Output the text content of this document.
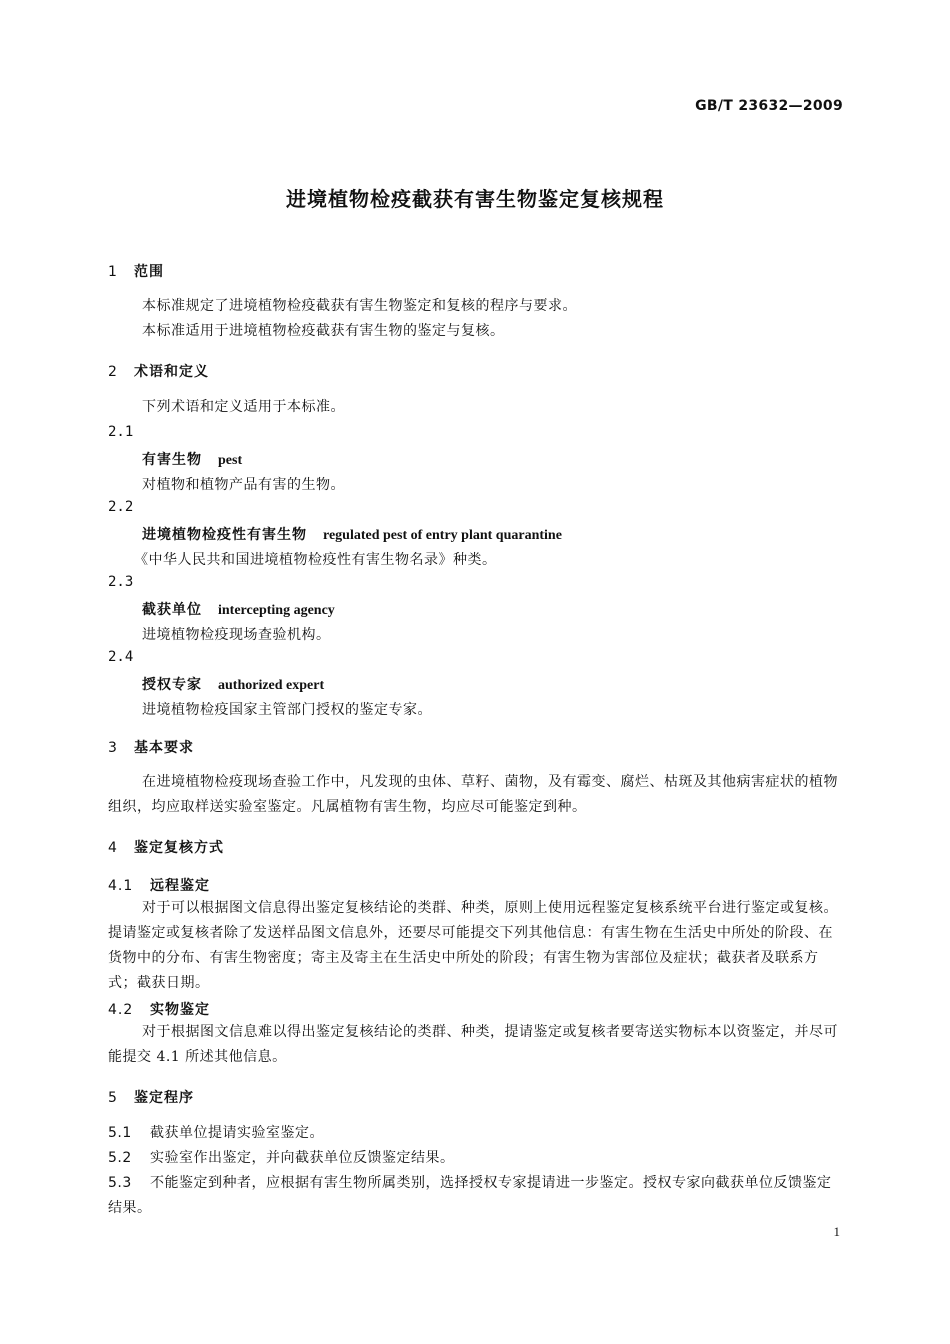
GB/T 23632—2009
进境植物检疫截获有害生物鉴定复核规程
1 范围
本标准规定了进境植物检疫截获有害生物鉴定和复核的程序与要求。
本标准适用于进境植物检疫截获有害生物的鉴定与复核。
2 术语和定义
下列术语和定义适用于本标准。
2.1
有害生物 pest
对植物和植物产品有害的生物。
2.2
进境植物检疫性有害生物 regulated pest of entry plant quarantine
《中华人民共和国进境植物检疫性有害生物名录》种类。
2.3
截获单位 intercepting agency
进境植物检疫现场查验机构。
2.4
授权专家 authorized expert
进境植物检疫国家主管部门授权的鉴定专家。
3 基本要求
在进境植物检疫现场查验工作中，凡发现的虫体、草籽、菌物，及有霉变、腐烂、枯斑及其他病害症状的植物组织，均应取样送实验室鉴定。凡属植物有害生物，均应尽可能鉴定到种。
4 鉴定复核方式
4.1 远程鉴定
对于可以根据图文信息得出鉴定复核结论的类群、种类，原则上使用远程鉴定复核系统平台进行鉴定或复核。提请鉴定或复核者除了发送样品图文信息外，还要尽可能提交下列其他信息：有害生物在生活史中所处的阶段、在货物中的分布、有害生物密度；寄主及寄主在生活史中所处的阶段；有害生物为害部位及症状；截获者及联系方式；截获日期。
4.2 实物鉴定
对于根据图文信息难以得出鉴定复核结论的类群、种类，提请鉴定或复核者要寄送实物标本以资鉴定，并尽可能提交 4.1 所述其他信息。
5 鉴定程序
5.1 截获单位提请实验室鉴定。
5.2 实验室作出鉴定，并向截获单位反馈鉴定结果。
5.3 不能鉴定到种者，应根据有害生物所属类别，选择授权专家提请进一步鉴定。授权专家向截获单位反馈鉴定结果。
1
